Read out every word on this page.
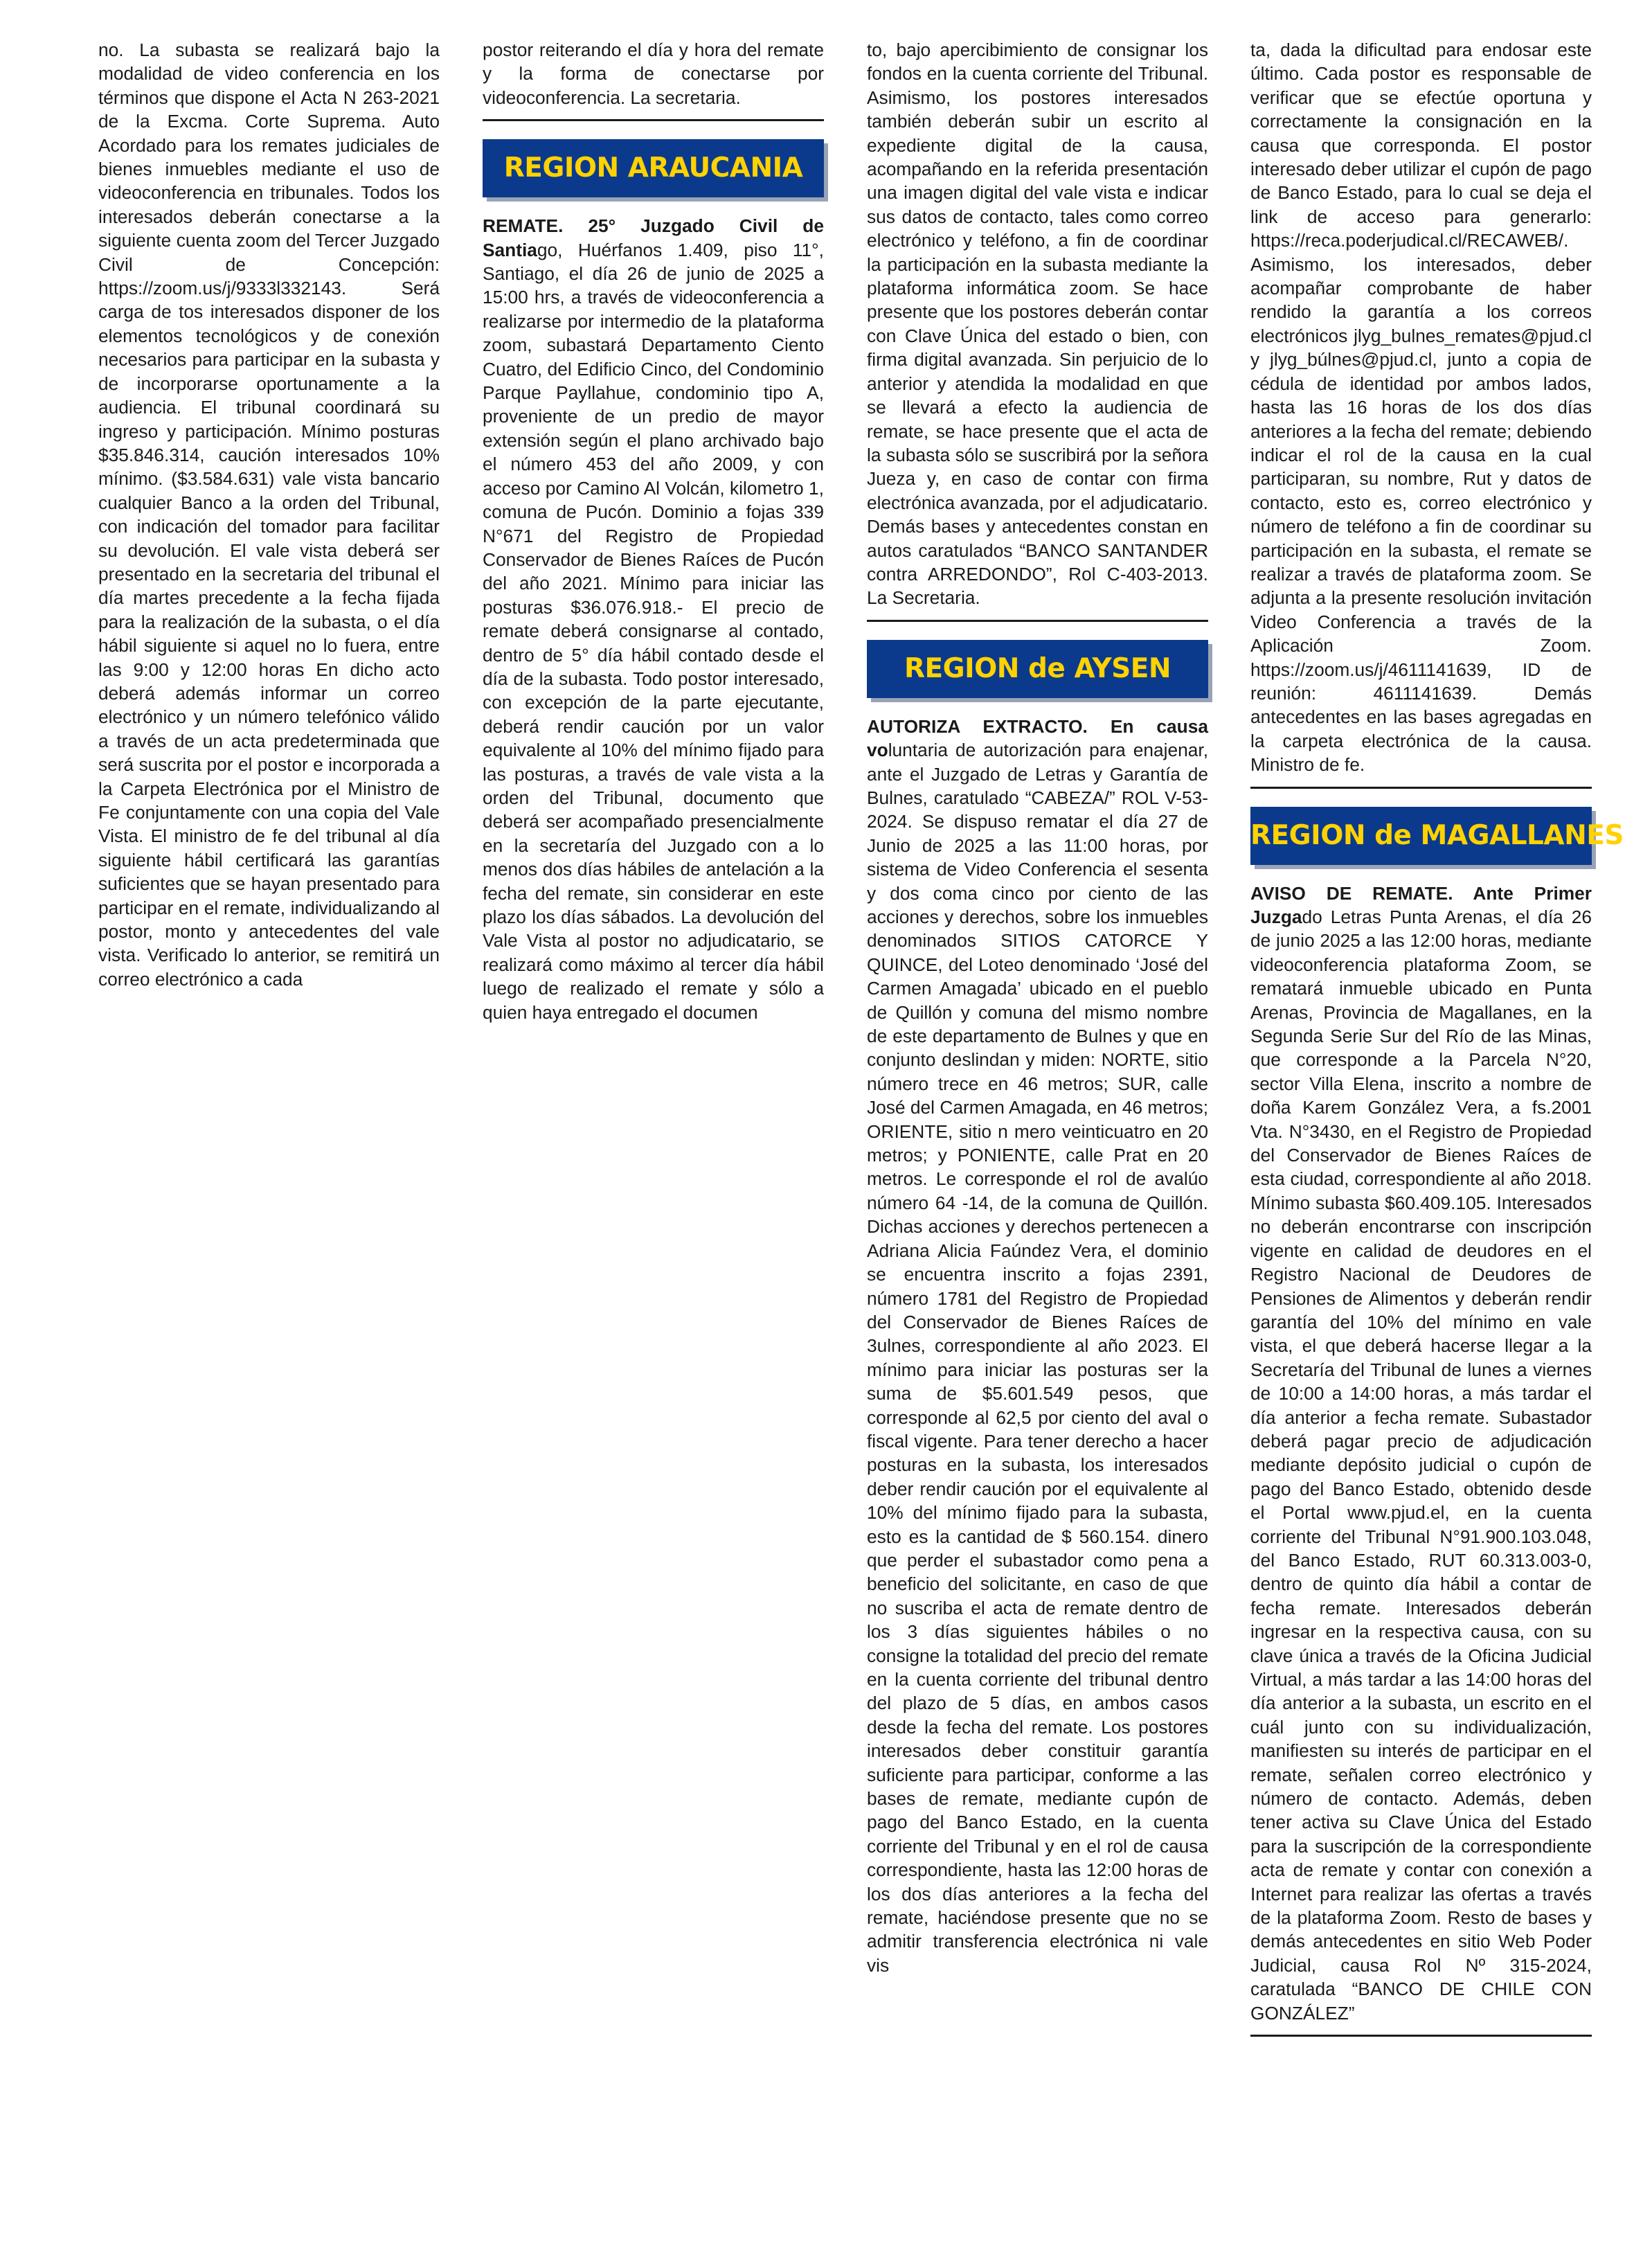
no. La subasta se realizará bajo la modalidad de video conferencia en los términos que dispone el Acta N 263-2021 de la Excma. Corte Suprema. Auto Acordado para los remates judiciales de bienes inmuebles mediante el uso de videoconferencia en tribunales. Todos los interesados deberán conectarse a la siguiente cuenta zoom del Tercer Juzgado Civil de Concepción: https://zoom.us/j/9333l332143. Será carga de tos interesados disponer de los elementos tecnológicos y de conexión necesarios para participar en la subasta y de incorporarse oportunamente a la audiencia. El tribunal coordinará su ingreso y participación. Mínimo posturas $35.846.314, caución interesados 10% mínimo. ($3.584.631) vale vista bancario cualquier Banco a la orden del Tribunal, con indicación del tomador para facilitar su devolución. El vale vista deberá ser presentado en la secretaria del tribunal el día martes precedente a la fecha fijada para la realización de la subasta, o el día hábil siguiente si aquel no lo fuera, entre las 9:00 y 12:00 horas En dicho acto deberá además informar un correo electrónico y un número telefónico válido a través de un acta predeterminada que será suscrita por el postor e incorporada a la Carpeta Electrónica por el Ministro de Fe conjuntamente con una copia del Vale Vista. El ministro de fe del tribunal al día siguiente hábil certificará las garantías suficientes que se hayan presentado para participar en el remate, individualizando al postor, monto y antecedentes del vale vista. Verificado lo anterior, se remitirá un correo electrónico a cada

postor reiterando el día y hora del remate y la forma de conectarse por videoconferencia. La secretaria.

REGION ARAUCANIA

REMATE. 25° Juzgado Civil de Santiago, Huérfanos 1.409, piso 11°, Santiago, el día 26 de junio de 2025 a 15:00 hrs, a través de videoconferencia a realizarse por intermedio de la plataforma zoom, subastará Departamento Ciento Cuatro, del Edificio Cinco, del Condominio Parque Payllahue, condominio tipo A, proveniente de un predio de mayor extensión según el plano archivado bajo el número 453 del año 2009, y con acceso por Camino Al Volcán, kilometro 1, comuna de Pucón. Dominio a fojas 339 N°671 del Registro de Propiedad Conservador de Bienes Raíces de Pucón del año 2021. Mínimo para iniciar las posturas $36.076.918.- El precio de remate deberá consignarse al contado, dentro de 5° día hábil contado desde el día de la subasta. Todo postor interesado, con excepción de la parte ejecutante, deberá rendir caución por un valor equivalente al 10% del mínimo fijado para las posturas, a través de vale vista a la orden del Tribunal, documento que deberá ser acompañado presencialmente en la secretaría del Juzgado con a lo menos dos días hábiles de antelación a la fecha del remate, sin considerar en este plazo los días sábados. La devolución del Vale Vista al postor no adjudicatario, se realizará como máximo al tercer día hábil luego de realizado el remate y sólo a quien haya entregado el documen

to, bajo apercibimiento de consignar los fondos en la cuenta corriente del Tribunal. Asimismo, los postores interesados también deberán subir un escrito al expediente digital de la causa, acompañando en la referida presentación una imagen digital del vale vista e indicar sus datos de contacto, tales como correo electrónico y teléfono, a fin de coordinar la participación en la subasta mediante la plataforma informática zoom. Se hace presente que los postores deberán contar con Clave Única del estado o bien, con firma digital avanzada. Sin perjuicio de lo anterior y atendida la modalidad en que se llevará a efecto la audiencia de remate, se hace presente que el acta de la subasta sólo se suscribirá por la señora Jueza y, en caso de contar con firma electrónica avanzada, por el adjudicatario. Demás bases y antecedentes constan en autos caratulados “BANCO SANTANDER contra ARREDONDO”, Rol C-403-2013. La Secretaria.

REGION de AYSEN

AUTORIZA EXTRACTO. En causa voluntaria de autorización para enajenar, ante el Juzgado de Letras y Garantía de Bulnes, caratulado “CABEZA/” ROL V-53-2024. Se dispuso rematar el día 27 de Junio de 2025 a las 11:00 horas, por sistema de Video Conferencia el sesenta y dos coma cinco por ciento de las acciones y derechos, sobre los inmuebles denominados SITIOS CATORCE Y QUINCE, del Loteo denominado ‘José del Carmen Amagada’ ubicado en el pueblo de Quillón y comuna del mismo nombre de este departamento de Bulnes y que en conjunto deslindan y miden: NORTE, sitio número trece en 46 metros; SUR, calle José del Carmen Amagada, en 46 metros; ORIENTE, sitio n mero veinticuatro en 20 metros; y PONIENTE, calle Prat en 20 metros. Le corresponde el rol de avalúo número 64 -14, de la comuna de Quillón. Dichas acciones y derechos pertenecen a Adriana Alicia Faúndez Vera, el dominio se encuentra inscrito a fojas 2391, número 1781 del Registro de Propiedad del Conservador de Bienes Raíces de 3ulnes, correspondiente al año 2023. El mínimo para iniciar las posturas ser la suma de $5.601.549 pesos, que corresponde al 62,5 por ciento del aval o fiscal vigente. Para tener derecho a hacer posturas en la subasta, los interesados deber rendir caución por el equivalente al 10% del mínimo fijado para la subasta, esto es la cantidad de $ 560.154. dinero que perder el subastador como pena a beneficio del solicitante, en caso de que no suscriba el acta de remate dentro de los 3 días siguientes hábiles o no consigne la totalidad del precio del remate en la cuenta corriente del tribunal dentro del plazo de 5 días, en ambos casos desde la fecha del remate. Los postores interesados deber constituir garantía suficiente para participar, conforme a las bases de remate, mediante cupón de pago del Banco Estado, en la cuenta corriente del Tribunal y en el rol de causa correspondiente, hasta las 12:00 horas de los dos días anteriores a la fecha del remate, haciéndose presente que no se admitir transferencia electrónica ni vale vis

ta, dada la dificultad para endosar este último. Cada postor es responsable de verificar que se efectúe oportuna y correctamente la consignación en la causa que corresponda. El postor interesado deber utilizar el cupón de pago de Banco Estado, para lo cual se deja el link de acceso para generarlo: https://reca.poderjudical.cl/RECAWEB/. Asimismo, los interesados, deber acompañar comprobante de haber rendido la garantía a los correos electrónicos jlyg_bulnes_remates@pjud.cl y jlyg_búlnes@pjud.cl, junto a copia de cédula de identidad por ambos lados, hasta las 16 horas de los dos días anteriores a la fecha del remate; debiendo indicar el rol de la causa en la cual participaran, su nombre, Rut y datos de contacto, esto es, correo electrónico y número de teléfono a fin de coordinar su participación en la subasta, el remate se realizar a través de plataforma zoom. Se adjunta a la presente resolución invitación Video Conferencia a través de la Aplicación Zoom. https://zoom.us/j/4611141639, ID de reunión: 4611141639. Demás antecedentes en las bases agregadas en la carpeta electrónica de la causa. Ministro de fe.

REGION de MAGALLANES

AVISO DE REMATE. Ante Primer Juzgado Letras Punta Arenas, el día 26 de junio 2025 a las 12:00 horas, mediante videoconferencia plataforma Zoom, se rematará inmueble ubicado en Punta Arenas, Provincia de Magallanes, en la Segunda Serie Sur del Río de las Minas, que corresponde a la Parcela N°20, sector Villa Elena, inscrito a nombre de doña Karem González Vera, a fs.2001 Vta. N°3430, en el Registro de Propiedad del Conservador de Bienes Raíces de esta ciudad, correspondiente al año 2018. Mínimo subasta $60.409.105. Interesados no deberán encontrarse con inscripción vigente en calidad de deudores en el Registro Nacional de Deudores de Pensiones de Alimentos y deberán rendir garantía del 10% del mínimo en vale vista, el que deberá hacerse llegar a la Secretaría del Tribunal de lunes a viernes de 10:00 a 14:00 horas, a más tardar el día anterior a fecha remate. Subastador deberá pagar precio de adjudicación mediante depósito judicial o cupón de pago del Banco Estado, obtenido desde el Portal www.pjud.el, en la cuenta corriente del Tribunal N°91.900.103.048, del Banco Estado, RUT 60.313.003-0, dentro de quinto día hábil a contar de fecha remate. Interesados deberán ingresar en la respectiva causa, con su clave única a través de la Oficina Judicial Virtual, a más tardar a las 14:00 horas del día anterior a la subasta, un escrito en el cuál junto con su individualización, manifiesten su interés de participar en el remate, señalen correo electrónico y número de contacto. Además, deben tener activa su Clave Única del Estado para la suscripción de la correspondiente acta de remate y contar con conexión a Internet para realizar las ofertas a través de la plataforma Zoom. Resto de bases y demás antecedentes en sitio Web Poder Judicial, causa Rol Nº 315-2024, caratulada “BANCO DE CHILE CON GONZÁLEZ”
